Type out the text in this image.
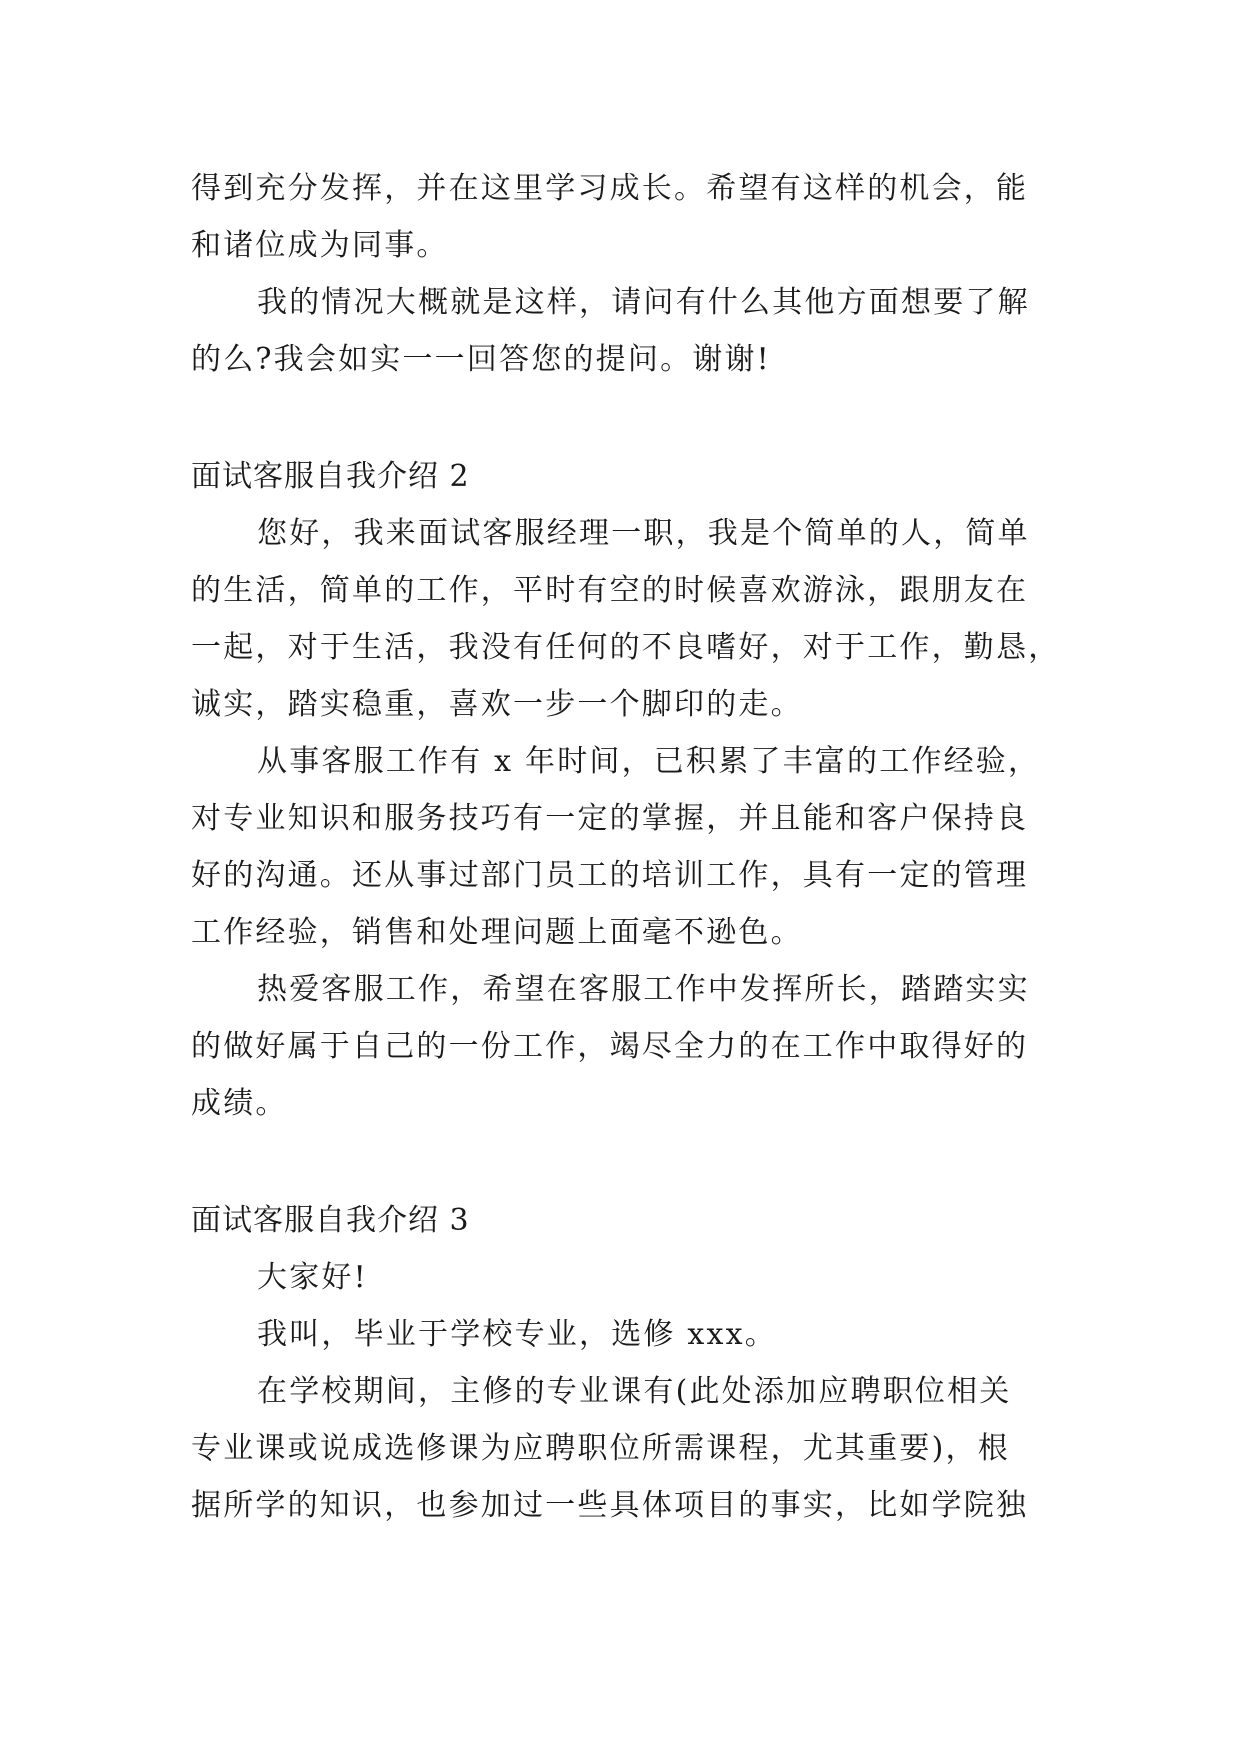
得到充分发挥，并在这里学习成长。希望有这样的机会，能
和诸位成为同事。
我的情况大概就是这样，请问有什么其他方面想要了解
的么?我会如实一一回答您的提问。谢谢!
面试客服自我介绍 2
您好，我来面试客服经理一职，我是个简单的人，简单
的生活，简单的工作，平时有空的时候喜欢游泳，跟朋友在
一起，对于生活，我没有任何的不良嗜好，对于工作，勤恳，
诚实，踏实稳重，喜欢一步一个脚印的走。
从事客服工作有 x 年时间，已积累了丰富的工作经验，
对专业知识和服务技巧有一定的掌握，并且能和客户保持良
好的沟通。还从事过部门员工的培训工作，具有一定的管理
工作经验，销售和处理问题上面毫不逊色。
热爱客服工作，希望在客服工作中发挥所长，踏踏实实
的做好属于自己的一份工作，竭尽全力的在工作中取得好的
成绩。
面试客服自我介绍 3
大家好!
我叫，毕业于学校专业，选修 xxx。
在学校期间，主修的专业课有(此处添加应聘职位相关
专业课或说成选修课为应聘职位所需课程，尤其重要)，根
据所学的知识，也参加过一些具体项目的事实，比如学院独
